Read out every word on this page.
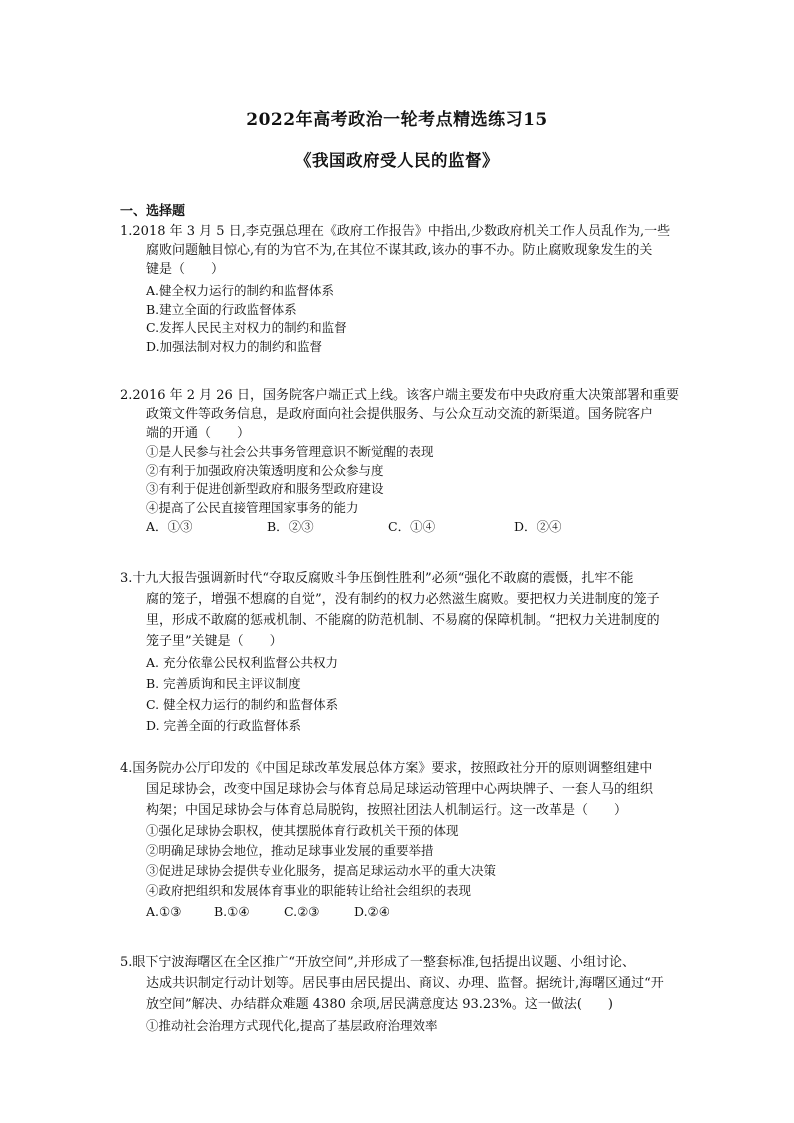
2022年高考政治一轮考点精选练习15
《我国政府受人民的监督》
一、选择题
1.2018 年 3 月 5 日,李克强总理在《政府工作报告》中指出,少数政府机关工作人员乱作为,一些
腐败问题触目惊心,有的为官不为,在其位不谋其政,该办的事不办。防止腐败现象发生的关
键是（　　）
A.健全权力运行的制约和监督体系
B.建立全面的行政监督体系
C.发挥人民民主对权力的制约和监督
D.加强法制对权力的制约和监督
2.2016 年 2 月 26 日，国务院客户端正式上线。该客户端主要发布中央政府重大决策部署和重要
政策文件等政务信息，是政府面向社会提供服务、与公众互动交流的新渠道。国务院客户
端的开通（　　）
①是人民参与社会公共事务管理意识不断觉醒的表现
②有利于加强政府决策透明度和公众参与度
③有利于促进创新型政府和服务型政府建设
④提高了公民直接管理国家事务的能力
A．①③	B．②③	C．①④	D．②④
3.十九大报告强调新时代“夺取反腐败斗争压倒性胜利”必须“强化不敢腐的震慑，扎牢不能
腐的笼子，增强不想腐的自觉”，没有制约的权力必然滋生腐败。要把权力关进制度的笼子
里，形成不敢腐的惩戒机制、不能腐的防范机制、不易腐的保障机制。“把权力关进制度的
笼子里”关键是（　　）
A. 充分依靠公民权利监督公共权力
B. 完善质询和民主评议制度
C. 健全权力运行的制约和监督体系
D. 完善全面的行政监督体系
4.国务院办公厅印发的《中国足球改革发展总体方案》要求，按照政社分开的原则调整组建中
国足球协会，改变中国足球协会与体育总局足球运动管理中心两块牌子、一套人马的组织
构架；中国足球协会与体育总局脱钩，按照社团法人机制运行。这一改革是（　　）
①强化足球协会职权，使其摆脱体育行政机关干预的体现
②明确足球协会地位，推动足球事业发展的重要举措
③促进足球协会提供专业化服务，提高足球运动水平的重大决策
④政府把组织和发展体育事业的职能转让给社会组织的表现
A.①③	B.①④	C.②③	D.②④
5.眼下宁波海曙区在全区推广“开放空间”,并形成了一整套标准,包括提出议题、小组讨论、
达成共识制定行动计划等。居民事由居民提出、商议、办理、监督。据统计,海曙区通过“开
放空间”解决、办结群众难题 4380 余项,居民满意度达 93.23%。这一做法(　　)
①推动社会治理方式现代化,提高了基层政府治理效率
